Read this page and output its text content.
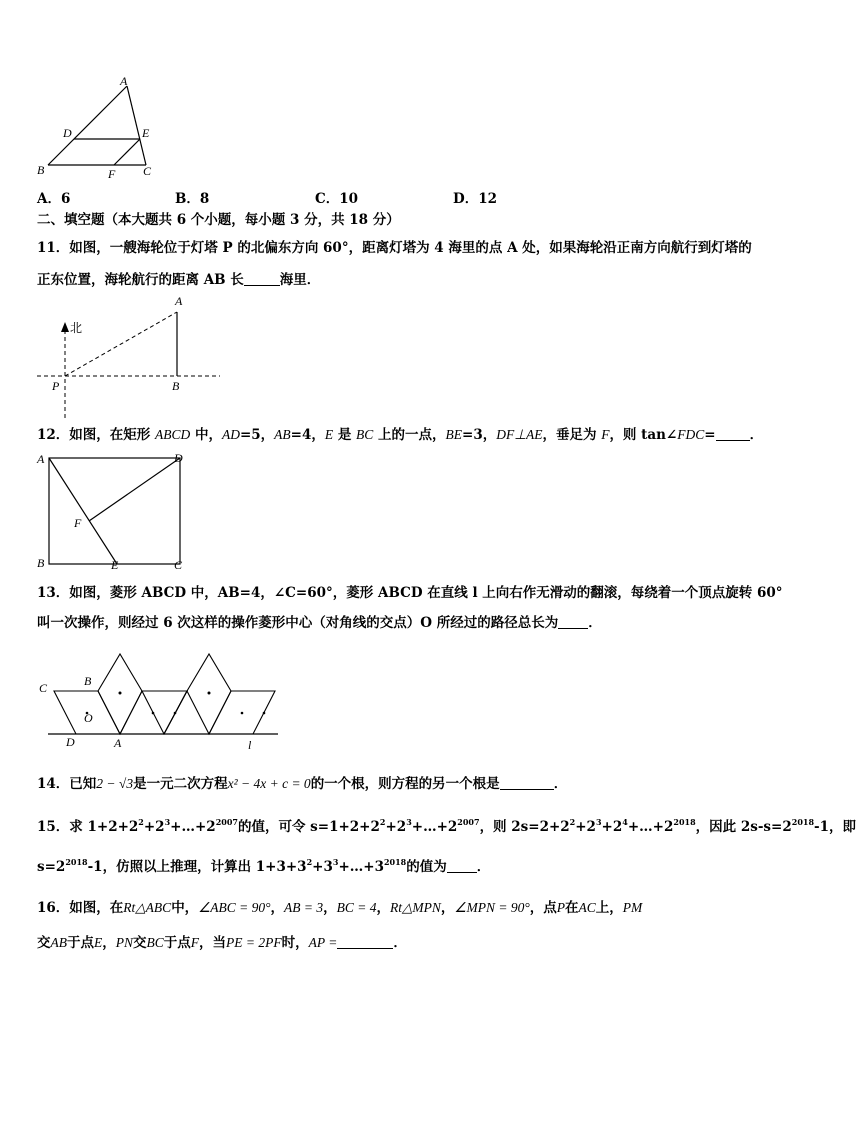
A
D	E
B	F C
A．6	B．8	C．10	D．12
二、填空题（本大题共 6 个小题，每小题 3 分，共 18 分）
11．如图，一艘海轮位于灯塔 P 的北偏东方向 60°，距离灯塔为 4 海里的点 A 处，如果海轮沿正南方向航行到灯塔的
正东位置，海轮航行的距离 AB 长	海里．
北
A
P	B
12．如图，在矩形 ABCD 中，AD=5，AB=4，E 是 BC 上的一点，BE=3，DF⊥AE，垂足为 F，则 tan∠FDC=	．
A	D
F
B	E	C
13．如图，菱形 ABCD 中，AB=4，∠C=60°，菱形 ABCD 在直线 l 上向右作无滑动的翻滚，每绕着一个顶点旋转 60°
叫一次操作，则经过 6 次这样的操作菱形中心（对角线的交点）O 所经过的路径总长为 ．
C	B
O
D	A	l
14．已知2 − √3是一元二次方程x² − 4x + c = 0的一个根，则方程的另一个根是	．
15．求 $1+2+2^2+2^3+\dots+2^{2007}$的值，可令 $s=1+2+2^2+2^3+\dots+2^{2007}$，则 $2s=2+2^2+2^3+2^4+\dots+2^{2018}$，因此 $2s-s=2^{2018}-1$，即
$s=2^{2018}-1$，仿照以上推理，计算出 $1+3+3^2+3^3+\dots+3^{2018}$的值为 ．
16．如图，在Rt△ABC中，∠ABC = 90°，AB = 3，BC = 4，Rt△MPN，∠MPN = 90°，点P在AC上，PM
交AB于点E，PN交BC于点F，当PE = 2PF时，AP =	．
